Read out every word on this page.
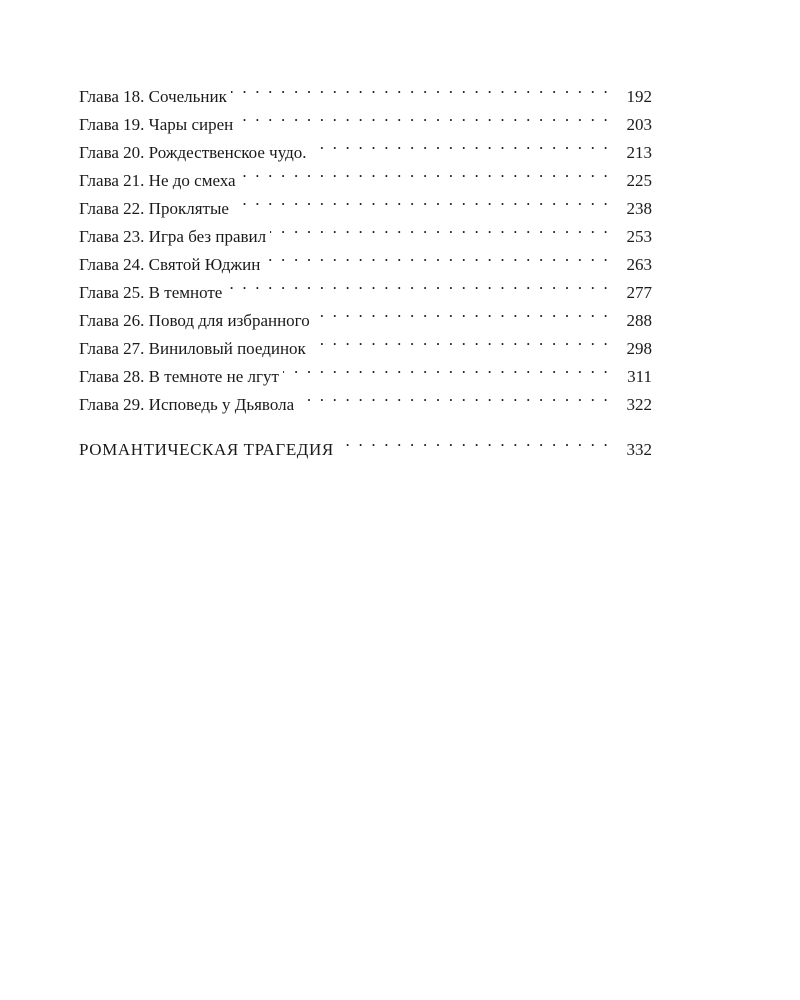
Глава 18. Сочельник . . .	192
Глава 19. Чары сирен . . .	203
Глава 20. Рождественское чудо. . . .	213
Глава 21. Не до смеха . . .	225
Глава 22. Проклятые . . .	238
Глава 23. Игра без правил . . .	253
Глава 24. Святой Юджин . . .	263
Глава 25. В темноте . . .	277
Глава 26. Повод для избранного . . .	288
Глава 27. Виниловый поединок . . .	298
Глава 28. В темноте не лгут . . .	311
Глава 29. Исповедь у Дьявола . . .	322
РОМАНТИЧЕСКАЯ ТРАГЕДИЯ . . .	332
